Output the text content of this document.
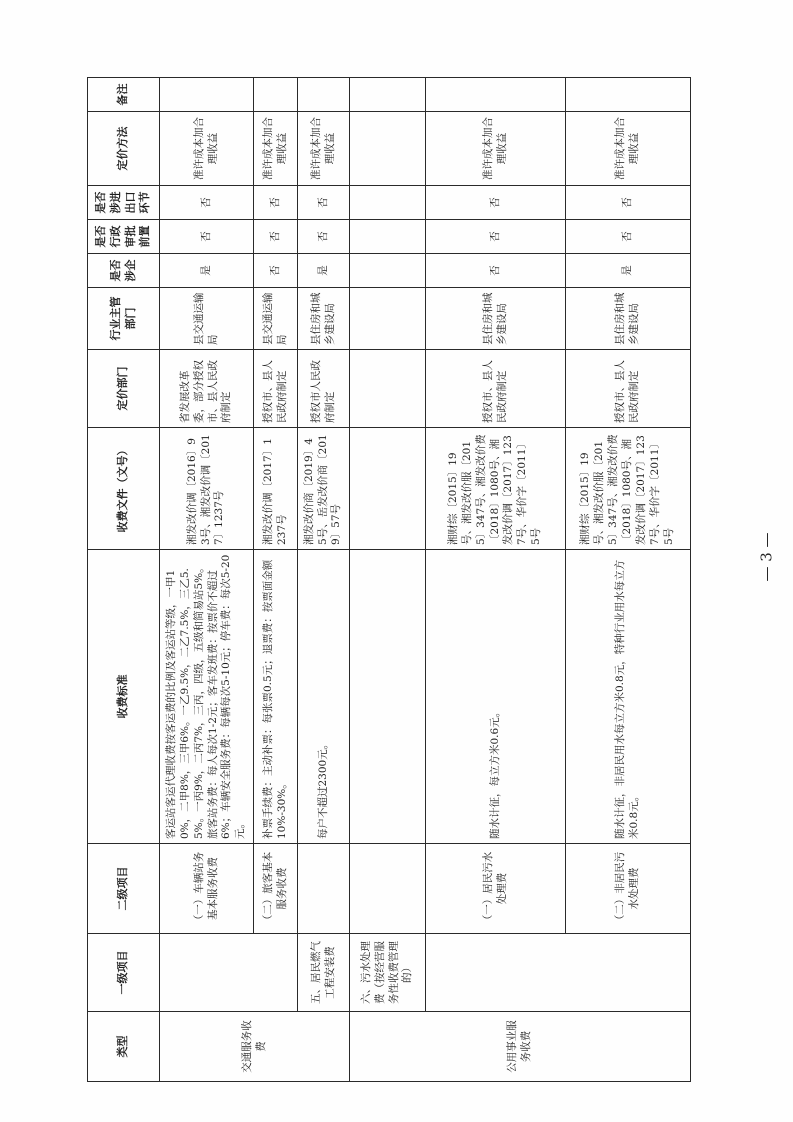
类型	一级项目	二级项目	收费标准	收费文件（文号）	定价部门	行业主管部门	是否涉企	是否行政审批前置	是否涉进出口环节	定价方法	备注
交通服务收费		（一）车辆站务基本服务收费	客运站客运代理收费按客运费的比例及客运站等级，一甲10%，二甲8%，三甲6%。一乙9.5%，二乙7.5%，三乙5.5%。一丙9%，二丙7%，三丙，四级，五级和简易站5%。旅客站务费：每人每次1-2元；客车发班费：按票价不超过6%；车辆安全服务费：每辆每次5-10元；停车费：每次5-20元。	湘发改价调〔2016〕93号、湘发改价调〔2017〕1237号	省发展改革委，部分授权市、县人民政府制定	县交通运输局	是	否	否	准许成本加合理收益	
		（二）旅客基本服务收费	补票手续费：主动补票：每张票0.5元；退票费：按票面金额10%-30%。	湘发改价调〔2017〕1237号	授权市、县人民政府制定	县交通运输局	否	否	否	准许成本加合理收益	
	五、居民燃气工程安装费		每户不超过2300元。	湘发改价商〔2019〕45号、岳发改价商〔2019〕57号	授权市人民政府制定	县住房和城乡建设局	是	否	否	准许成本加合理收益	
公用事业服务收费	六、污水处理费（按经营服务性收费管理的）										
		（一）居民污水处理费	随水计征，每立方米0.6元。	湘财综〔2015〕19号、湘发改价服〔2015〕347号、湘发改价费〔2018〕1080号、湘发改价调〔2017〕1237号、华价字〔2011〕5号	授权市、县人民政府制定	县住房和城乡建设局	否	否	否	准许成本加合理收益	
		（二）非居民污水处理费	随水计征，非居民用水每立方米0.8元，特种行业用水每立方米0.8元。	湘财综〔2015〕19号、湘发改价服〔2015〕347号、湘发改价费〔2018〕1080号、湘发改价调〔2017〕1237号、华价字〔2011〕5号	授权市、县人民政府制定	县住房和城乡建设局	是	否	否	准许成本加合理收益	
— 3 —
